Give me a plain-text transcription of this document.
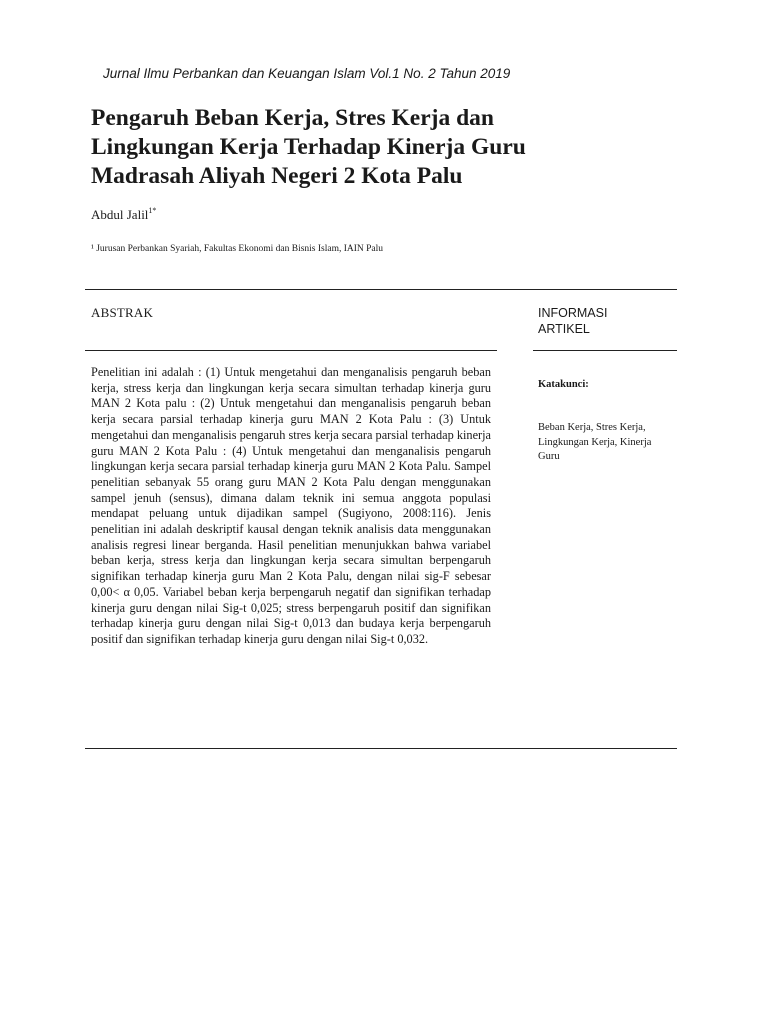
Jurnal Ilmu Perbankan dan Keuangan Islam Vol.1 No. 2 Tahun 2019
Pengaruh Beban Kerja, Stres Kerja dan
Lingkungan Kerja Terhadap Kinerja Guru
Madrasah Aliyah Negeri 2 Kota Palu
Abdul Jalil$^{1*}$
¹ Jurusan Perbankan Syariah, Fakultas Ekonomi dan Bisnis Islam, IAIN Palu
ABSTRAK	INFORMASI ARTIKEL

Penelitian ini adalah : (1) Untuk mengetahui dan menganalisis pengaruh beban kerja, stress kerja dan lingkungan kerja secara simultan terhadap kinerja guru MAN 2 Kota palu : (2) Untuk mengetahui dan menganalisis pengaruh beban kerja secara parsial terhadap kinerja guru MAN 2 Kota Palu : (3) Untuk mengetahui dan menganalisis pengaruh stres kerja secara parsial terhadap kinerja guru MAN 2 Kota Palu : (4) Untuk mengetahui dan menganalisis pengaruh lingkungan kerja secara parsial terhadap kinerja guru MAN 2 Kota Palu. Sampel penelitian sebanyak 55 orang guru MAN 2 Kota Palu dengan menggunakan sampel jenuh (sensus), dimana dalam teknik ini semua anggota populasi mendapat peluang untuk dijadikan sampel (Sugiyono, 2008:116). Jenis penelitian ini adalah deskriptif kausal dengan teknik analisis data menggunakan analisis regresi linear berganda. Hasil penelitian menunjukkan bahwa variabel beban kerja, stress kerja dan lingkungan kerja secara simultan berpengaruh signifikan terhadap kinerja guru Man 2 Kota Palu, dengan nilai sig-F sebesar 0,00< α 0,05. Variabel beban kerja berpengaruh negatif dan signifikan terhadap kinerja guru dengan nilai Sig-t 0,025; stress berpengaruh positif dan signifikan terhadap kinerja guru dengan nilai Sig-t 0,013 dan budaya kerja berpengaruh positif dan signifikan terhadap kinerja guru dengan nilai Sig-t 0,032.

Katakunci:

Beban Kerja, Stres Kerja, Lingkungan Kerja, Kinerja Guru
